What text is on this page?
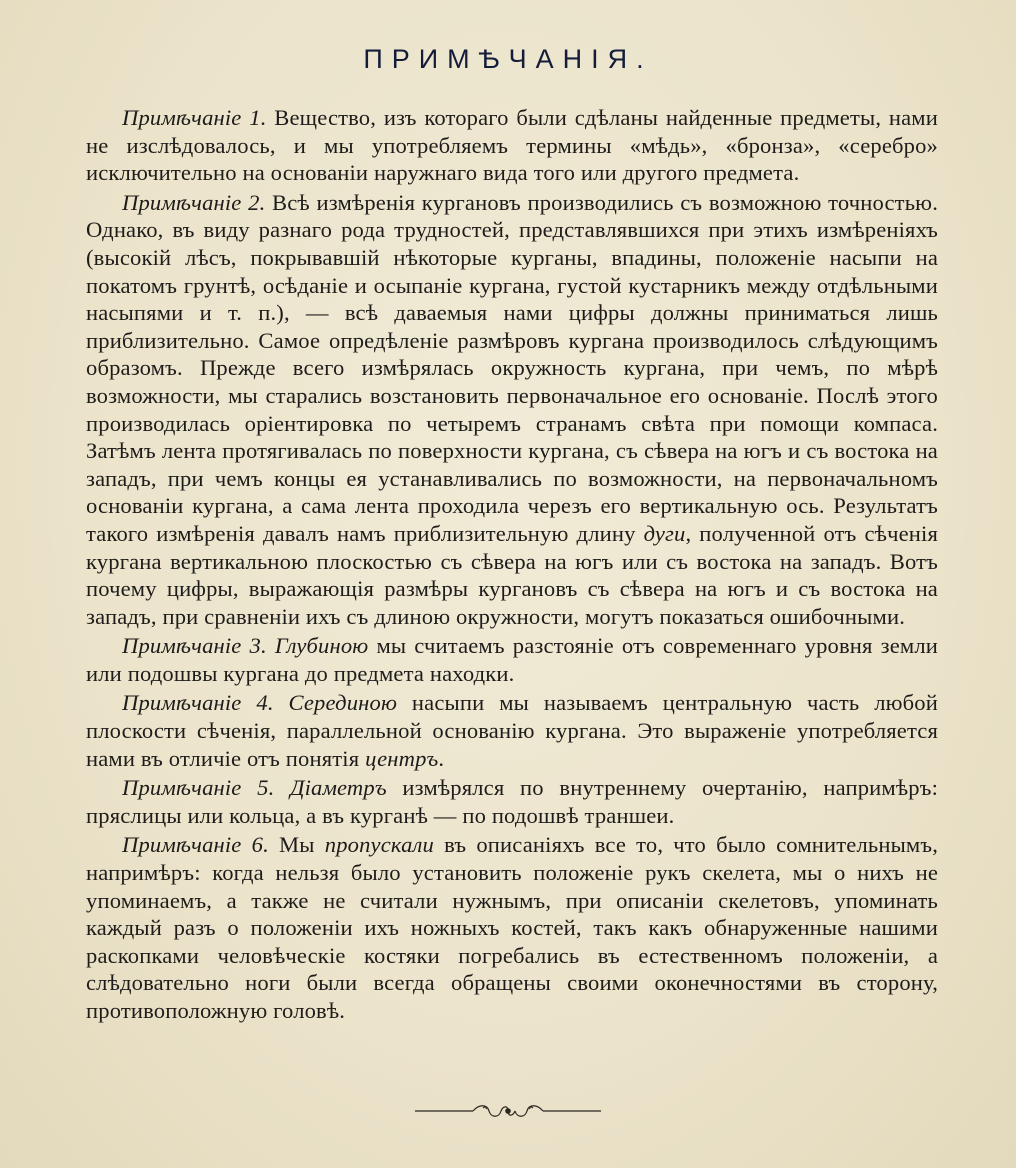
ПРИМѢЧАНІЯ.

Примѣчаніе 1. Вещество, изъ котораго были сдѣланы найденные предметы, нами не изслѣдовалось, и мы употребляемъ термины «мѣдь», «бронза», «серебро» исключительно на основаніи наружнаго вида того или другого предмета.

Примѣчаніе 2. Всѣ измѣренія кургановъ производились съ возможною точностью. Однако, въ виду разнаго рода трудностей, представлявшихся при этихъ измѣреніяхъ (высокій лѣсъ, покрывавшій нѣкоторые курганы, впадины, положеніе насыпи на покатомъ грунтѣ, осѣданіе и осыпаніе кургана, густой кустарникъ между отдѣльными насыпями и т. п.), — всѣ даваемыя нами цифры должны приниматься лишь приблизительно. Самое опредѣленіе размѣровъ кургана производилось слѣдующимъ образомъ. Прежде всего измѣрялась окружность кургана, при чемъ, по мѣрѣ возможности, мы старались возстановить первоначальное его основаніе. Послѣ этого производилась оріентировка по четыремъ странамъ свѣта при помощи компаса. Затѣмъ лента протягивалась по поверхности кургана, съ сѣвера на югъ и съ востока на западъ, при чемъ концы ея устанавливались по возможности, на первоначальномъ основаніи кургана, а сама лента проходила черезъ его вертикальную ось. Результатъ такого измѣренія давалъ намъ приблизительную длину дуги, полученной отъ сѣченія кургана вертикальною плоскостью съ сѣвера на югъ или съ востока на западъ. Вотъ почему цифры, выражающія размѣры кургановъ съ сѣвера на югъ и съ востока на западъ, при сравненіи ихъ съ длиною окружности, могутъ показаться ошибочными.

Примѣчаніе 3. Глубиною мы считаемъ разстояніе отъ современнаго уровня земли или подошвы кургана до предмета находки.

Примѣчаніе 4. Серединою насыпи мы называемъ центральную часть любой плоскости сѣченія, параллельной основанію кургана. Это выраженіе употребляется нами въ отличіе отъ понятія центръ.

Примѣчаніе 5. Діаметръ измѣрялся по внутреннему очертанію, напримѣръ: пряслицы или кольца, а въ курганѣ — по подошвѣ траншеи.

Примѣчаніе 6. Мы пропускали въ описаніяхъ все то, что было сомнительнымъ, напримѣръ: когда нельзя было установить положеніе рукъ скелета, мы о нихъ не упоминаемъ, а также не считали нужнымъ, при описаніи скелетовъ, упоминать каждый разъ о положеніи ихъ ножныхъ костей, такъ какъ обнаруженные нашими раскопками человѣческіе костяки погребались въ естественномъ положеніи, а слѣдовательно ноги были всегда обращены своими оконечностями въ сторону, противоположную головѣ.
